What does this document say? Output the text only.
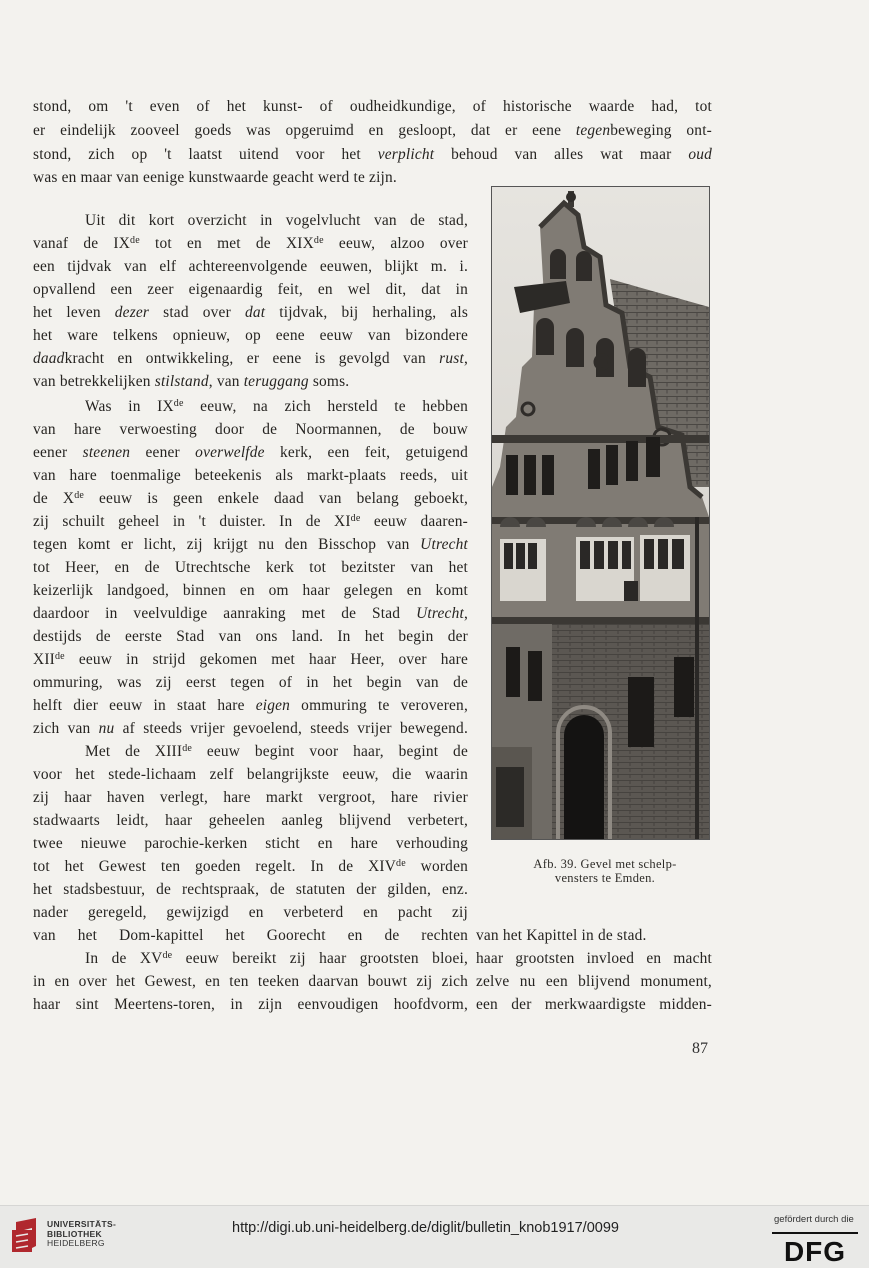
stond, om 't even of het kunst- of oudheidkundige, of historische waarde had, tot
er eindelijk zooveel goeds was opgeruimd en gesloopt, dat er eene tegenbeweging ont-
stond, zich op 't laatst uitend voor het verplicht behoud van alles wat maar oud
was en maar van eenige kunstwaarde geacht werd te zijn.
Uit dit kort overzicht in vogelvlucht van de stad,
vanaf de IXde tot en met de XIXde eeuw, alzoo over
een tijdvak van elf achtereenvolgende eeuwen, blijkt m. i.
opvallend een zeer eigenaardig feit, en wel dit, dat in
het leven dezer stad over dat tijdvak, bij herhaling, als
het ware telkens opnieuw, op eene eeuw van bizondere
daadkracht en ontwikkeling, er eene is gevolgd van rust,
van betrekkelijken stilstand, van teruggang soms.
Was in IXde eeuw, na zich hersteld te hebben
van hare verwoesting door de Noormannen, de bouw
eener steenen eener overwelfde kerk, een feit, getuigend
van hare toenmalige beteekenis als markt-plaats reeds, uit
de Xde eeuw is geen enkele daad van belang geboekt,
zij schuilt geheel in 't duister. In de XIde eeuw daaren-
tegen komt er licht, zij krijgt nu den Bisschop van Utrecht
tot Heer, en de Utrechtsche kerk tot bezitster van het
keizerlijk landgoed, binnen en om haar gelegen en komt
daardoor in veelvuldige aanraking met de Stad Utrecht,
destijds de eerste Stad van ons land. In het begin der
XIIde eeuw in strijd gekomen met haar Heer, over hare
ommuring, was zij eerst tegen of in het begin van de
helft dier eeuw in staat hare eigen ommuring te veroveren,
zich van nu af steeds vrijer gevoelend, steeds vrijer bewegend.
Met de XIIIde eeuw begint voor haar, begint de
voor het stede-lichaam zelf belangrijkste eeuw, die waarin
zij haar haven verlegt, hare markt vergroot, hare rivier
stadwaarts leidt, haar geheelen aanleg blijvend verbetert,
twee nieuwe parochie-kerken sticht en hare verhouding
tot het Gewest ten goeden regelt. In de XIVde worden
het stadsbestuur, de rechtspraak, de statuten der gilden, enz.
nader geregeld, gewijzigd en verbeterd en pacht zij
van het Dom-kapittel het Goorecht en de rechten van het Kapittel in de stad.
In de XVde eeuw bereikt zij haar grootsten bloei, haar grootsten invloed en macht
in en over het Gewest, en ten teeken daarvan bouwt zij zich zelve nu een blijvend monument,
haar sint Meertens-toren, in zijn eenvoudigen hoofdvorm, een der merkwaardigste midden-
Afb. 39. Gevel met schelp-
vensters te Emden.
87
UNIVERSITÄTS-
BIBLIOTHEK
HEIDELBERG
http://digi.ub.uni-heidelberg.de/diglit/bulletin_knob1917/0099
gefördert durch die
DFG
